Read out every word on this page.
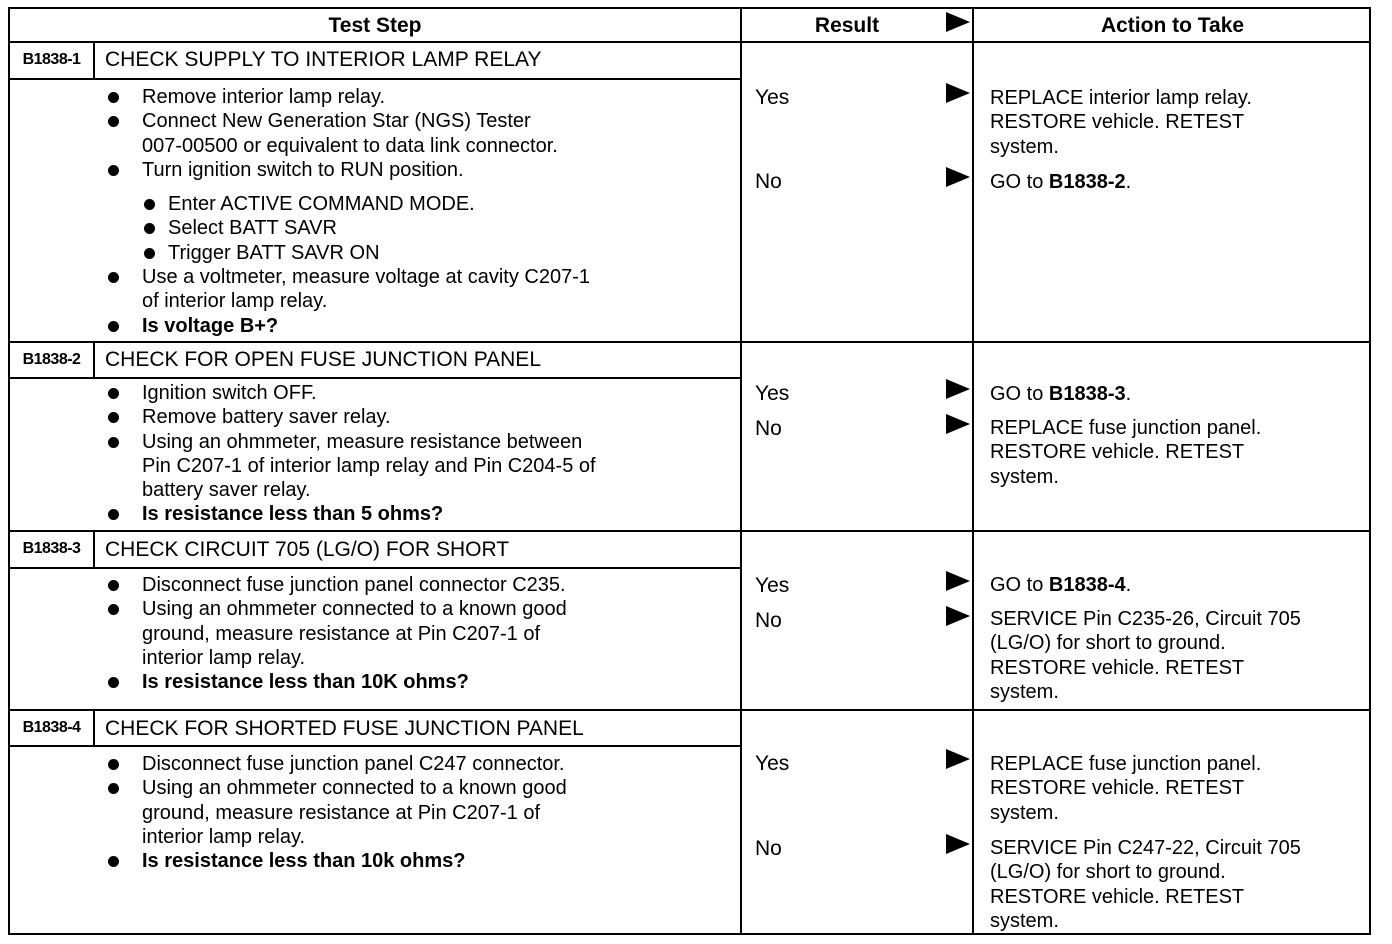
Test Step	Result	Action to Take
B1838-1	CHECK SUPPLY TO INTERIOR LAMP RELAY
Remove interior lamp relay.
Connect New Generation Star (NGS) Tester
007-00500 or equivalent to data link connector.
Turn ignition switch to RUN position.
Enter ACTIVE COMMAND MODE.
Select BATT SAVR
Trigger BATT SAVR ON
Use a voltmeter, measure voltage at cavity C207-1
of interior lamp relay.
Is voltage B+?
Yes	REPLACE interior lamp relay.
RESTORE vehicle. RETEST
system.
No	GO to B1838-2.
B1838-2	CHECK FOR OPEN FUSE JUNCTION PANEL
Ignition switch OFF.
Remove battery saver relay.
Using an ohmmeter, measure resistance between
Pin C207-1 of interior lamp relay and Pin C204-5 of
battery saver relay.
Is resistance less than 5 ohms?
Yes	GO to B1838-3.
No	REPLACE fuse junction panel.
RESTORE vehicle. RETEST
system.
B1838-3	CHECK CIRCUIT 705 (LG/O) FOR SHORT
Disconnect fuse junction panel connector C235.
Using an ohmmeter connected to a known good
ground, measure resistance at Pin C207-1 of
interior lamp relay.
Is resistance less than 10K ohms?
Yes	GO to B1838-4.
No	SERVICE Pin C235-26, Circuit 705
(LG/O) for short to ground.
RESTORE vehicle. RETEST
system.
B1838-4	CHECK FOR SHORTED FUSE JUNCTION PANEL
Disconnect fuse junction panel C247 connector.
Using an ohmmeter connected to a known good
ground, measure resistance at Pin C207-1 of
interior lamp relay.
Is resistance less than 10k ohms?
Yes	REPLACE fuse junction panel.
RESTORE vehicle. RETEST
system.
No	SERVICE Pin C247-22, Circuit 705
(LG/O) for short to ground.
RESTORE vehicle. RETEST
system.
